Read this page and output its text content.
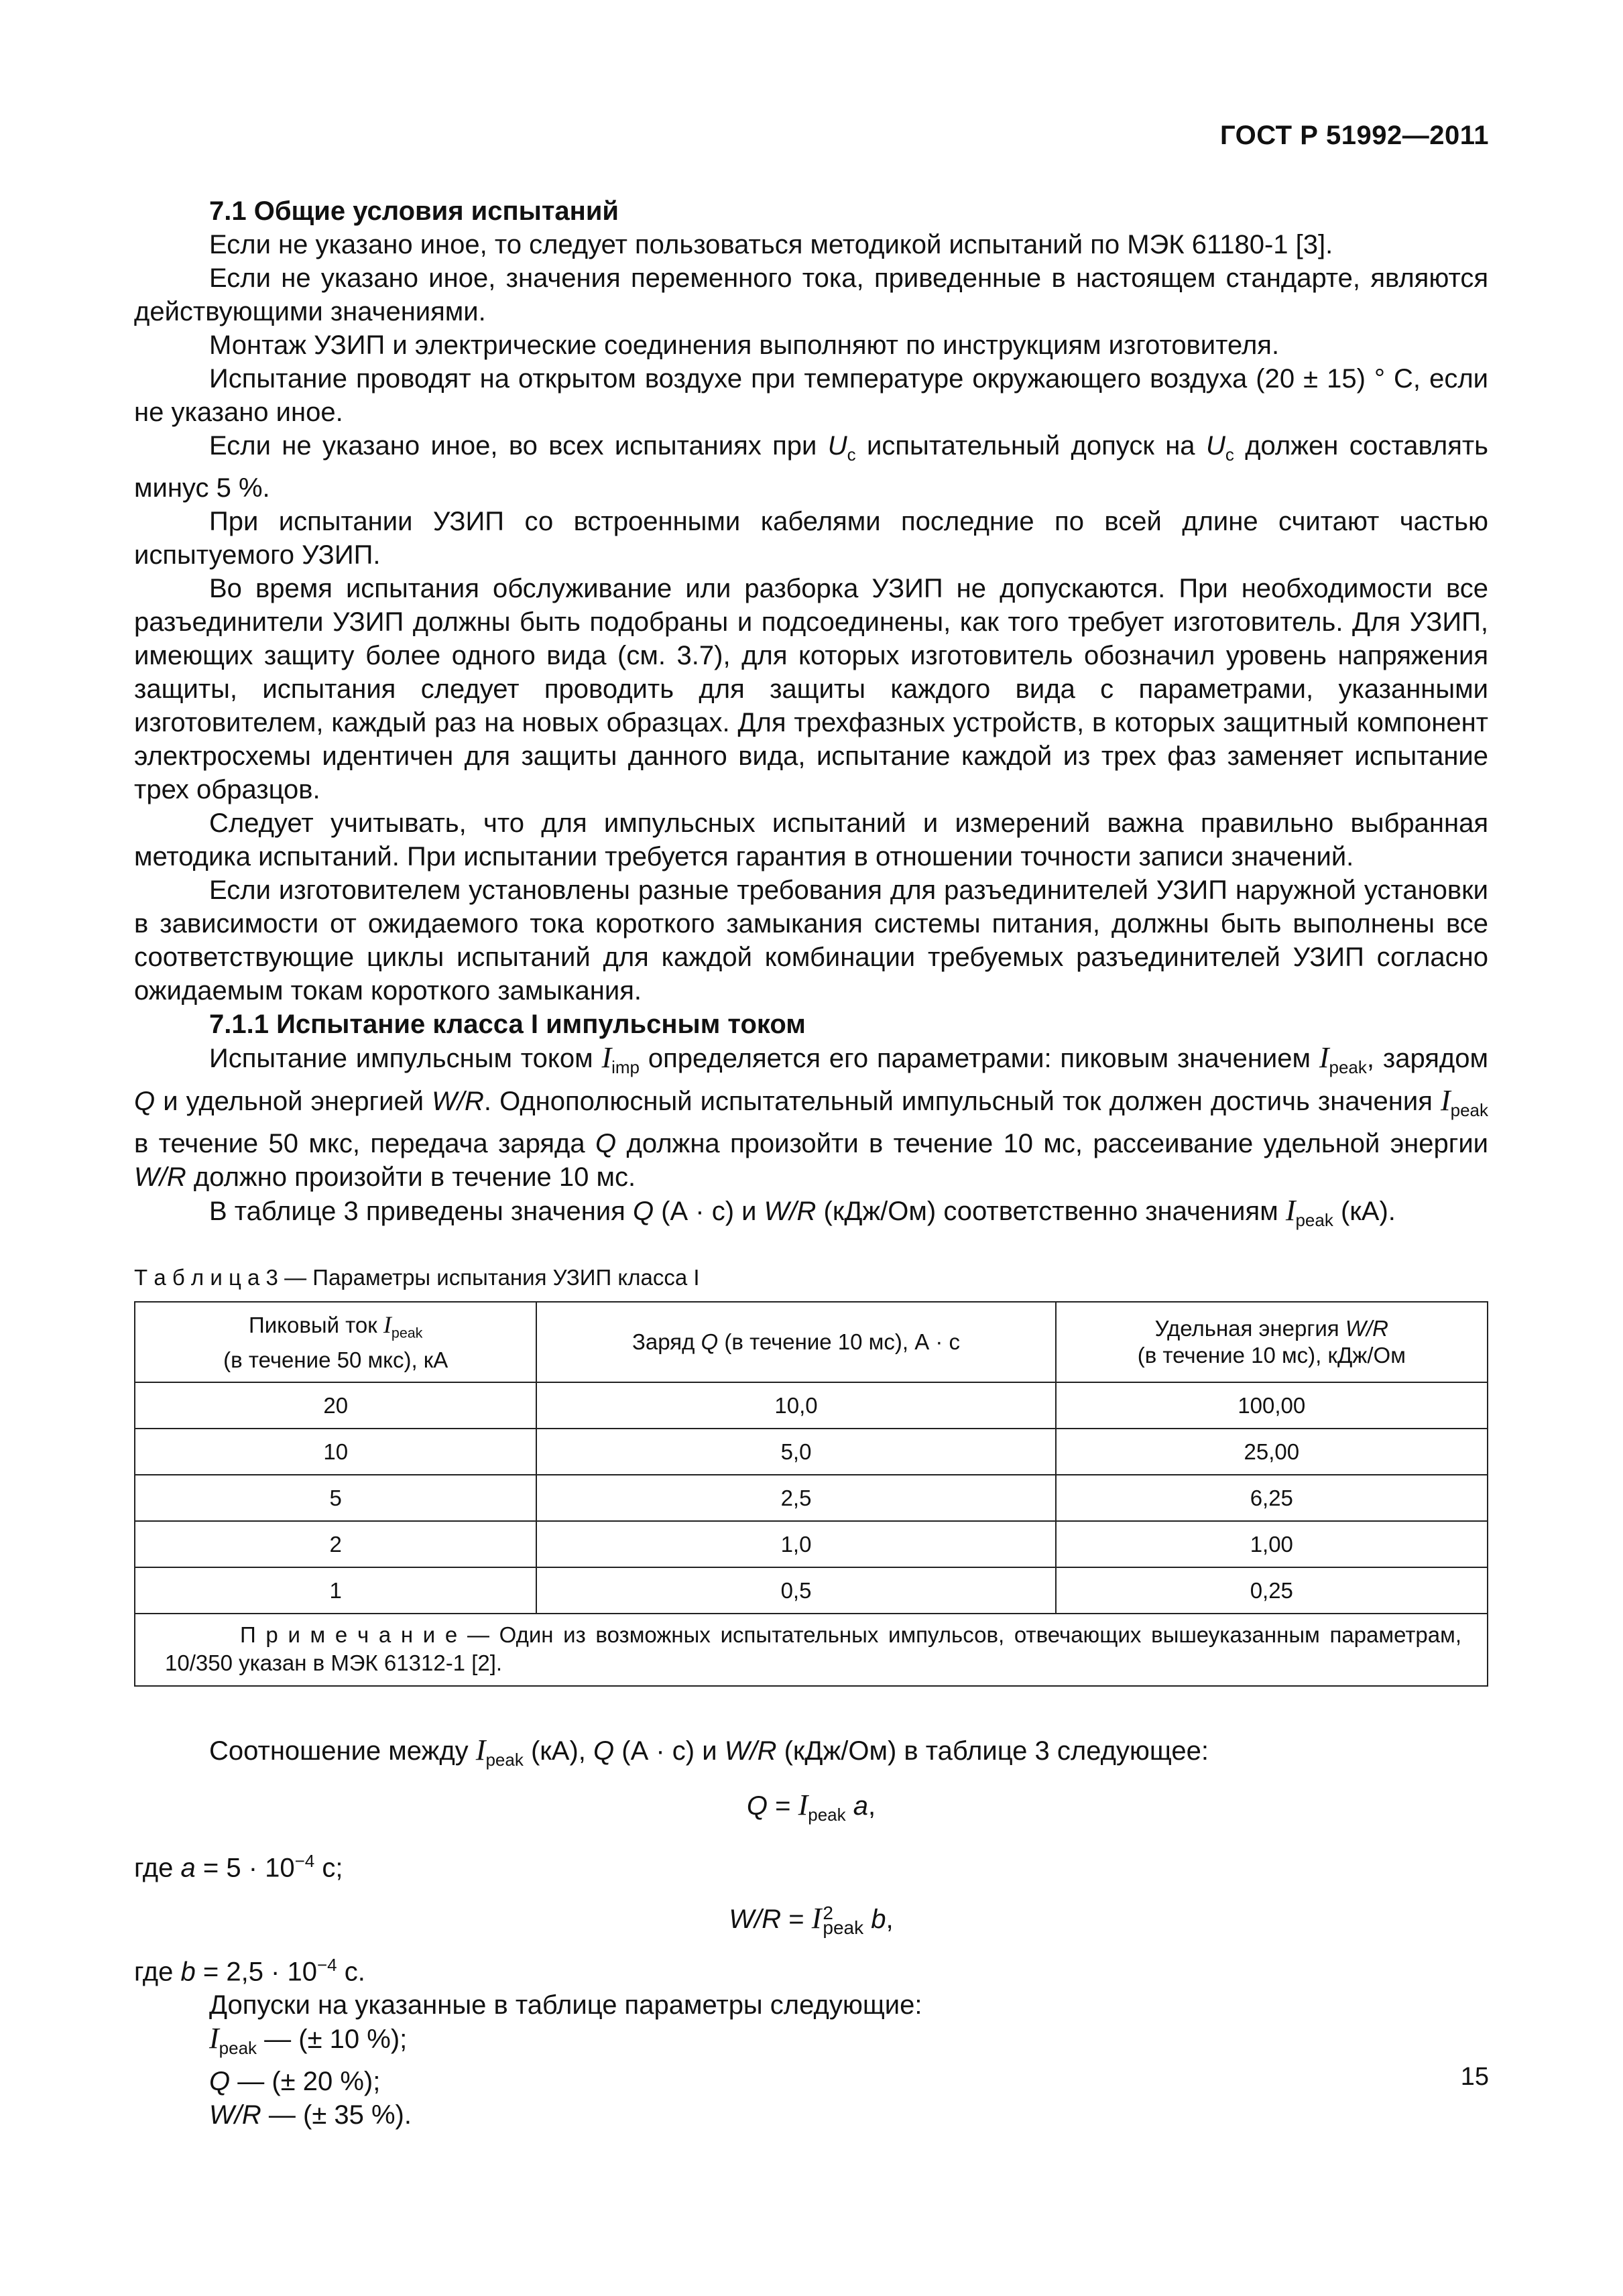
ГОСТ Р 51992—2011

7.1 Общие условия испытаний

Если не указано иное, то следует пользоваться методикой испытаний по МЭК 61180-1 [3].

Если не указано иное, значения переменного тока, приведенные в настоящем стандарте, являются действующими значениями.

Монтаж УЗИП и электрические соединения выполняют по инструкциям изготовителя.

Испытание проводят на открытом воздухе при температуре окружающего воздуха (20 ± 15) ° С, если не указано иное.

Если не указано иное, во всех испытаниях при $U_c$ испытательный допуск на $U_c$ должен составлять минус 5 %.

При испытании УЗИП со встроенными кабелями последние по всей длине считают частью испытуемого УЗИП.

Во время испытания обслуживание или разборка УЗИП не допускаются. При необходимости все разъединители УЗИП должны быть подобраны и подсоединены, как того требует изготовитель. Для УЗИП, имеющих защиту более одного вида (см. 3.7), для которых изготовитель обозначил уровень напряжения защиты, испытания следует проводить для защиты каждого вида с параметрами, указанными изготовителем, каждый раз на новых образцах. Для трехфазных устройств, в которых защитный компонент электросхемы идентичен для защиты данного вида, испытание каждой из трех фаз заменяет испытание трех образцов.

Следует учитывать, что для импульсных испытаний и измерений важна правильно выбранная методика испытаний. При испытании требуется гарантия в отношении точности записи значений.

Если изготовителем установлены разные требования для разъединителей УЗИП наружной установки в зависимости от ожидаемого тока короткого замыкания системы питания, должны быть выполнены все соответствующие циклы испытаний для каждой комбинации требуемых разъединителей УЗИП согласно ожидаемым токам короткого замыкания.

7.1.1 Испытание класса I импульсным током

Испытание импульсным током $I_{imp}$ определяется его параметрами: пиковым значением $I_{peak}$, зарядом Q и удельной энергией W/R. Однополюсный испытательный импульсный ток должен достичь значения $I_{peak}$ в течение 50 мкс, передача заряда Q должна произойти в течение 10 мс, рассеивание удельной энергии W/R должно произойти в течение 10 мс.

В таблице 3 приведены значения Q (А · с) и W/R (кДж/Ом) соответственно значениям $I_{peak}$ (кА).

Т а б л и ц а 3 — Параметры испытания УЗИП класса I

Пиковый ток $I_{peak}$
(в течение 50 мкс), кА	Заряд Q (в течение 10 мс), А · с	Удельная энергия W/R
(в течение 10 мс), кДж/Ом
20	10,0	100,00
10	5,0	25,00
5	2,5	6,25
2	1,0	1,00
1	0,5	0,25

П р и м е ч а н и е — Один из возможных испытательных импульсов, отвечающих вышеуказанным параметрам, 10/350 указан в МЭК 61312-1 [2].		

Соотношение между $I_{peak}$ (кА), Q (А · с) и W/R (кДж/Ом) в таблице 3 следующее:

$Q = I_{peak}$ a,

где $a = 5 \cdot 10^{-4}$ с;

W/R = I 2
peak b,

где $b = 2,5 \cdot 10^{-4}$ с.

Допуски на указанные в таблице параметры следующие:

$I_{peak}$ — (± 10 %);

Q — (± 20 %);

W/R — (± 35 %).

15
